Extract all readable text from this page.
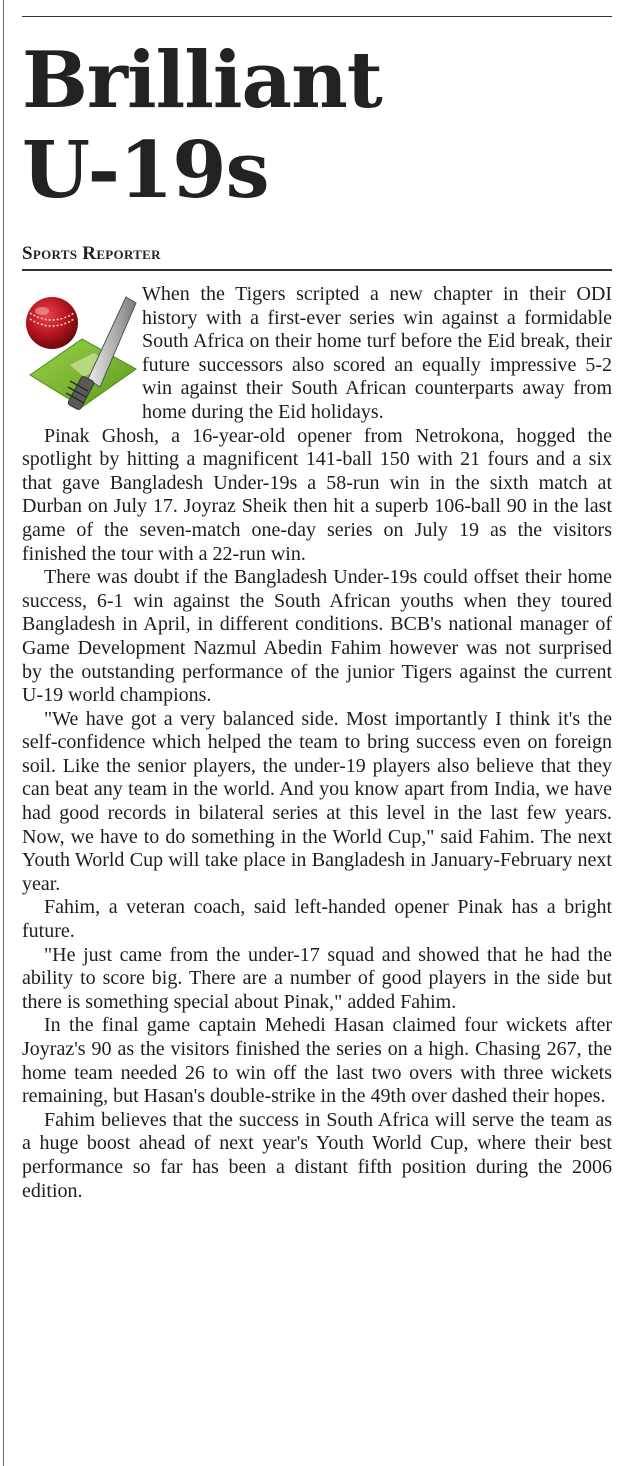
Brilliant
U-19s
Sports Reporter

When the Tigers scripted a new chapter in their ODI history with a first-ever series win against a formidable South Africa on their home turf before the Eid break, their future successors also scored an equally impressive 5-2 win against their South African counterparts away from home during the Eid holidays.

Pinak Ghosh, a 16-year-old opener from Netrokona, hogged the spotlight by hitting a magnificent 141-ball 150 with 21 fours and a six that gave Bangladesh Under-19s a 58-run win in the sixth match at Durban on July 17. Joyraz Sheik then hit a superb 106-ball 90 in the last game of the seven-match one-day series on July 19 as the visitors finished the tour with a 22-run win.

There was doubt if the Bangladesh Under-19s could offset their home success, 6-1 win against the South African youths when they toured Bangladesh in April, in different conditions. BCB's national manager of Game Development Nazmul Abedin Fahim however was not surprised by the outstanding performance of the junior Tigers against the current U-19 world champions.

"We have got a very balanced side. Most importantly I think it's the self-confidence which helped the team to bring success even on foreign soil. Like the senior players, the under-19 players also believe that they can beat any team in the world. And you know apart from India, we have had good records in bilateral series at this level in the last few years. Now, we have to do something in the World Cup," said Fahim. The next Youth World Cup will take place in Bangladesh in January-February next year.

Fahim, a veteran coach, said left-handed opener Pinak has a bright future.

"He just came from the under-17 squad and showed that he had the ability to score big. There are a number of good players in the side but there is something special about Pinak," added Fahim.

In the final game captain Mehedi Hasan claimed four wickets after Joyraz's 90 as the visitors finished the series on a high. Chasing 267, the home team needed 26 to win off the last two overs with three wickets remaining, but Hasan's double-strike in the 49th over dashed their hopes.

Fahim believes that the success in South Africa will serve the team as a huge boost ahead of next year's Youth World Cup, where their best performance so far has been a distant fifth position during the 2006 edition.
